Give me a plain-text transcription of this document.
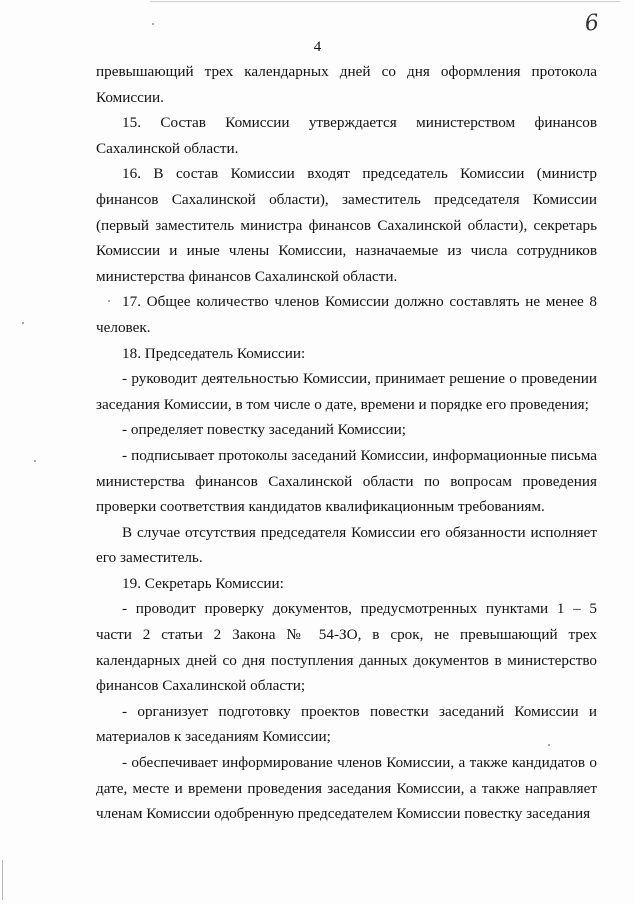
6
4

превышающий трех календарных дней со дня оформления протокола Комиссии.

15. Состав Комиссии утверждается министерством финансов Сахалинской области.

16. В состав Комиссии входят председатель Комиссии (министр финансов Сахалинской области), заместитель председателя Комиссии (первый заместитель министра финансов Сахалинской области), секретарь Комиссии и иные члены Комиссии, назначаемые из числа сотрудников министерства финансов Сахалинской области.

17. Общее количество членов Комиссии должно составлять не менее 8 человек.

18. Председатель Комиссии:

- руководит деятельностью Комиссии, принимает решение о проведении заседания Комиссии, в том числе о дате, времени и порядке его проведения;

- определяет повестку заседаний Комиссии;

- подписывает протоколы заседаний Комиссии, информационные письма министерства финансов Сахалинской области по вопросам проведения проверки соответствия кандидатов квалификационным требованиям.

В случае отсутствия председателя Комиссии его обязанности исполняет его заместитель.

19. Секретарь Комиссии:

- проводит проверку документов, предусмотренных пунктами 1 – 5 части 2 статьи 2 Закона № 54-ЗО, в срок, не превышающий трех календарных дней со дня поступления данных документов в министерство финансов Сахалинской области;

- организует подготовку проектов повестки заседаний Комиссии и материалов к заседаниям Комиссии;

- обеспечивает информирование членов Комиссии, а также кандидатов о дате, месте и времени проведения заседания Комиссии, а также направляет членам Комиссии одобренную председателем Комиссии повестку заседания
